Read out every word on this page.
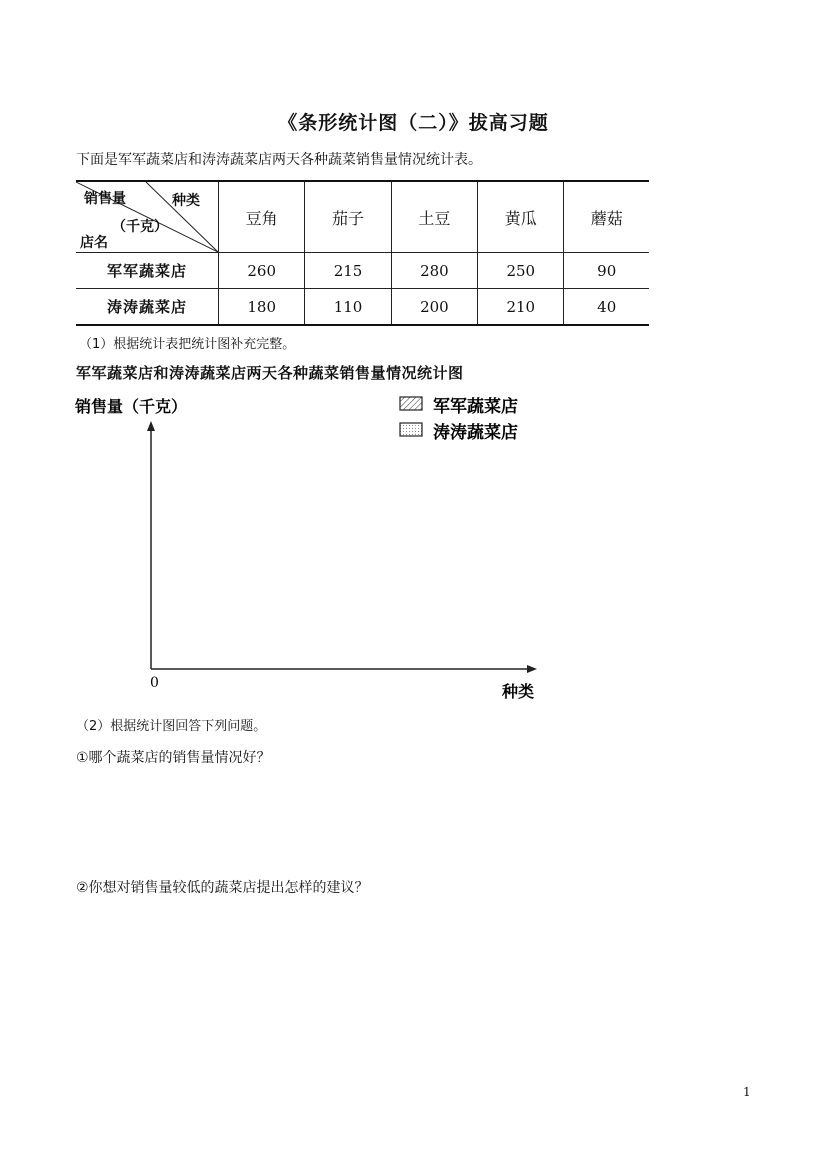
《条形统计图（二）》拔高习题
下面是军军蔬菜店和涛涛蔬菜店两天各种蔬菜销售量情况统计表。
销售量 种类
（千克）
店名	豆角	茄子	土豆	黄瓜	蘑菇
军军蔬菜店	260	215	280	250	90
涛涛蔬菜店	180	110	200	210	40
（1）根据统计表把统计图补充完整。
军军蔬菜店和涛涛蔬菜店两天各种蔬菜销售量情况统计图
销售量（千克）
0	种类
军军蔬菜店
涛涛蔬菜店
（2）根据统计图回答下列问题。
①哪个蔬菜店的销售量情况好？
②你想对销售量较低的蔬菜店提出怎样的建议？
1
